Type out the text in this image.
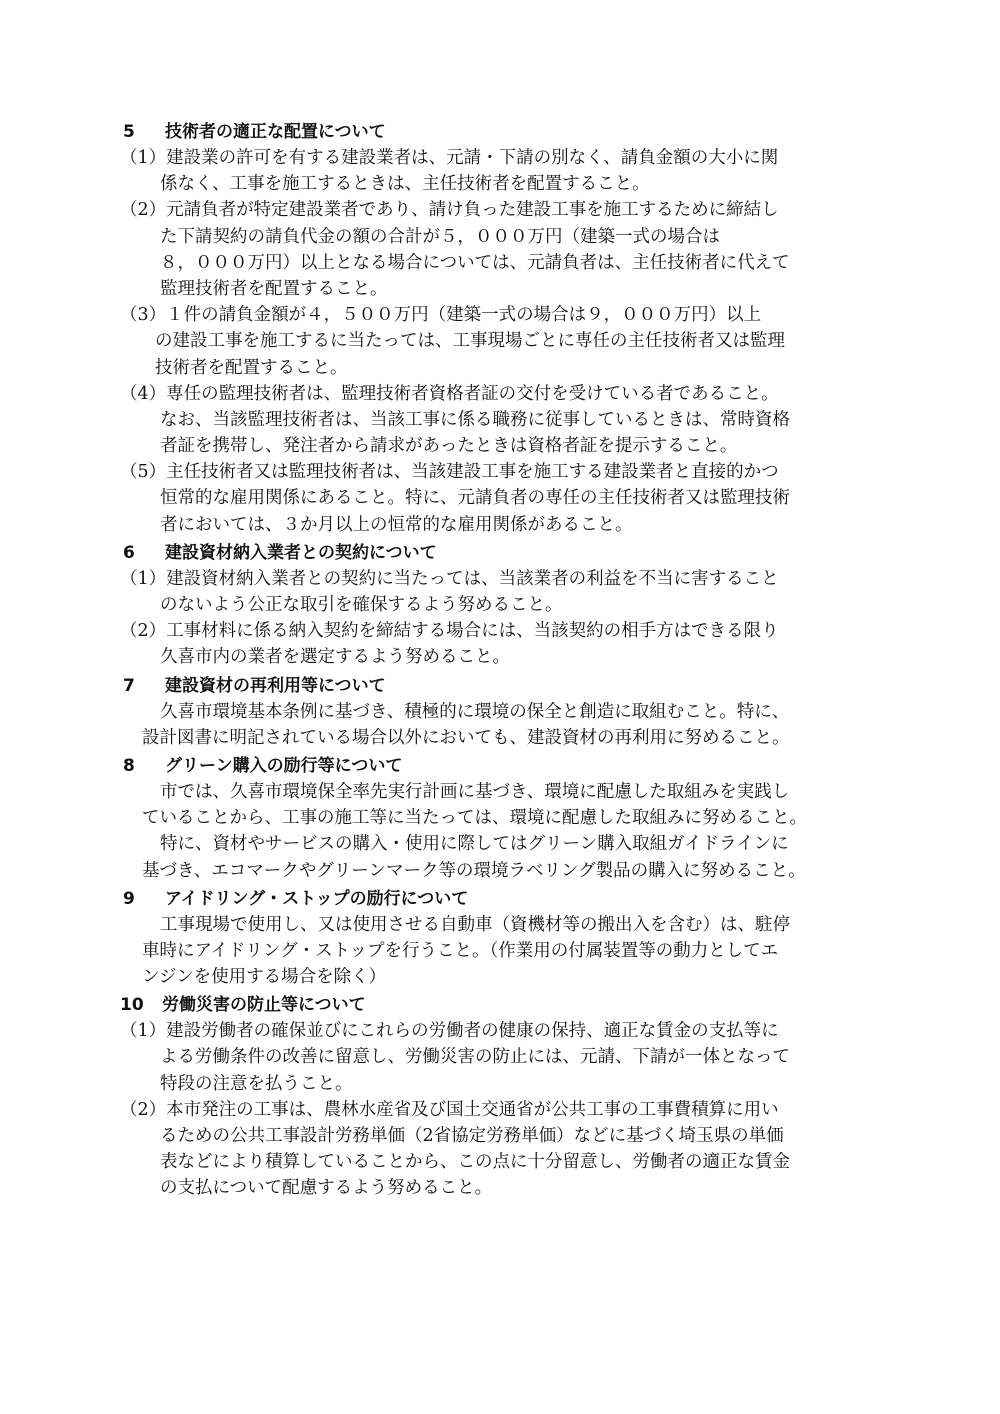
5 技術者の適正な配置について
（1）建設業の許可を有する建設業者は、元請・下請の別なく、請負金額の大小に関
係なく、工事を施工するときは、主任技術者を配置すること。
（2）元請負者が特定建設業者であり、請け負った建設工事を施工するために締結し
た下請契約の請負代金の額の合計が５，０００万円（建築一式の場合は
８，０００万円）以上となる場合については、元請負者は、主任技術者に代えて
監理技術者を配置すること。
（3）１件の請負金額が４，５００万円（建築一式の場合は９，０００万円）以上
の建設工事を施工するに当たっては、工事現場ごとに専任の主任技術者又は監理
技術者を配置すること。
（4）専任の監理技術者は、監理技術者資格者証の交付を受けている者であること。
なお、当該監理技術者は、当該工事に係る職務に従事しているときは、常時資格
者証を携帯し、発注者から請求があったときは資格者証を提示すること。
（5）主任技術者又は監理技術者は、当該建設工事を施工する建設業者と直接的かつ
恒常的な雇用関係にあること。特に、元請負者の専任の主任技術者又は監理技術
者においては、３か月以上の恒常的な雇用関係があること。
6 建設資材納入業者との契約について
（1）建設資材納入業者との契約に当たっては、当該業者の利益を不当に害すること
のないよう公正な取引を確保するよう努めること。
（2）工事材料に係る納入契約を締結する場合には、当該契約の相手方はできる限り
久喜市内の業者を選定するよう努めること。
7 建設資材の再利用等について
久喜市環境基本条例に基づき、積極的に環境の保全と創造に取組むこと。特に、
設計図書に明記されている場合以外においても、建設資材の再利用に努めること。
8 グリーン購入の励行等について
市では、久喜市環境保全率先実行計画に基づき、環境に配慮した取組みを実践し
ていることから、工事の施工等に当たっては、環境に配慮した取組みに努めること。
特に、資材やサービスの購入・使用に際してはグリーン購入取組ガイドラインに
基づき、エコマークやグリーンマーク等の環境ラベリング製品の購入に努めること。
9 アイドリング・ストップの励行について
工事現場で使用し、又は使用させる自動車（資機材等の搬出入を含む）は、駐停
車時にアイドリング・ストップを行うこと。（作業用の付属装置等の動力としてエ
ンジンを使用する場合を除く）
10 労働災害の防止等について
（1）建設労働者の確保並びにこれらの労働者の健康の保持、適正な賃金の支払等に
よる労働条件の改善に留意し、労働災害の防止には、元請、下請が一体となって
特段の注意を払うこと。
（2）本市発注の工事は、農林水産省及び国土交通省が公共工事の工事費積算に用い
るための公共工事設計労務単価（2省協定労務単価）などに基づく埼玉県の単価
表などにより積算していることから、この点に十分留意し、労働者の適正な賃金
の支払について配慮するよう努めること。
